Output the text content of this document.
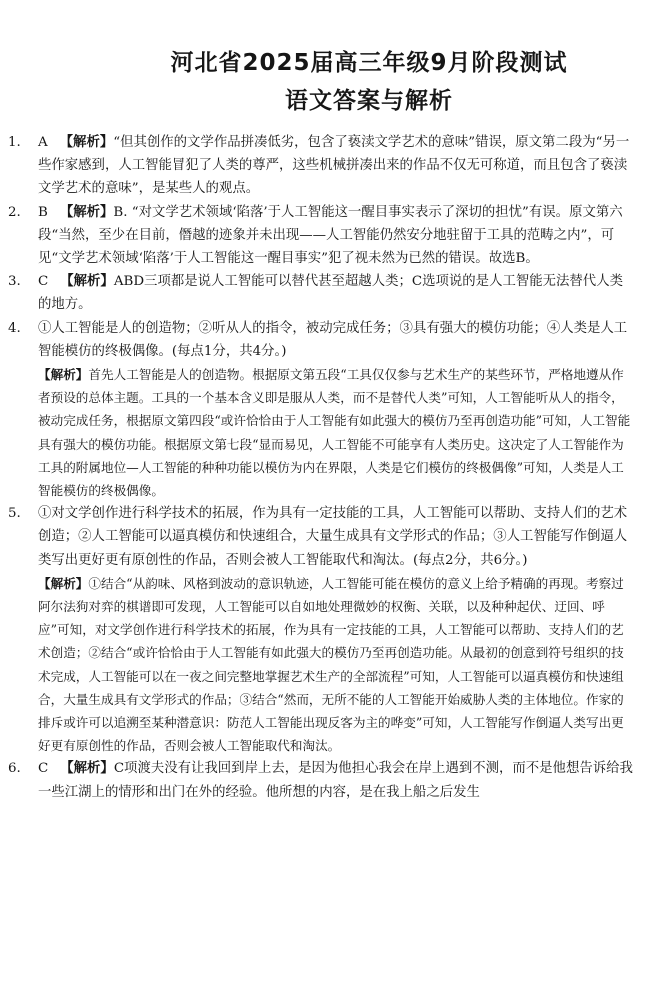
河北省2025届高三年级9月阶段测试
语文答案与解析
1. A 【解析】“但其创作的文学作品拼凑低劣，包含了亵渎文学艺术的意味”错误，原文第二段为“另一些作家感到，人工智能冒犯了人类的尊严，这些机械拼凑出来的作品不仅无可称道，而且包含了亵渎文学艺术的意味”，是某些人的观点。
2. B 【解析】B. “对文学艺术领域‘陷落’于人工智能这一醒目事实表示了深切的担忧”有误。原文第六段“当然，至少在目前，僭越的迹象并未出现——人工智能仍然安分地驻留于工具的范畴之内”，可见“文学艺术领域‘陷落’于人工智能这一醒目事实”犯了视未然为已然的错误。故选B。
3. C 【解析】ABD三项都是说人工智能可以替代甚至超越人类；C选项说的是人工智能无法替代人类的地方。
4. ①人工智能是人的创造物；②听从人的指令，被动完成任务；③具有强大的模仿功能；④人类是人工智能模仿的终极偶像。(每点1分，共4分。)
【解析】首先人工智能是人的创造物。根据原文第五段“工具仅仅参与艺术生产的某些环节，严格地遵从作者预设的总体主题。工具的一个基本含义即是服从人类，而不是替代人类”可知，人工智能听从人的指令，被动完成任务，根据原文第四段“或许恰恰由于人工智能有如此强大的模仿乃至再创造功能”可知，人工智能具有强大的模仿功能。根据原文第七段“显而易见，人工智能不可能享有人类历史。这决定了人工智能作为工具的附属地位—人工智能的种种功能以模仿为内在界限，人类是它们模仿的终极偶像”可知，人类是人工智能模仿的终极偶像。
5. ①对文学创作进行科学技术的拓展，作为具有一定技能的工具，人工智能可以帮助、支持人们的艺术创造；②人工智能可以逼真模仿和快速组合，大量生成具有文学形式的作品；③人工智能写作倒逼人类写出更好更有原创性的作品，否则会被人工智能取代和淘汰。(每点2分，共6分。)
【解析】①结合“从韵味、风格到波动的意识轨迹，人工智能可能在模仿的意义上给予精确的再现。考察过阿尔法狗对弈的棋谱即可发现，人工智能可以自如地处理微妙的权衡、关联，以及种种起伏、迂回、呼应”可知，对文学创作进行科学技术的拓展，作为具有一定技能的工具，人工智能可以帮助、支持人们的艺术创造；②结合“或许恰恰由于人工智能有如此强大的模仿乃至再创造功能。从最初的创意到符号组织的技术完成，人工智能可以在一夜之间完整地掌握艺术生产的全部流程”可知，人工智能可以逼真模仿和快速组合，大量生成具有文学形式的作品；③结合“然而，无所不能的人工智能开始威胁人类的主体地位。作家的排斥或许可以追溯至某种潜意识：防范人工智能出现反客为主的哗变”可知，人工智能写作倒逼人类写出更好更有原创性的作品，否则会被人工智能取代和淘汰。
6. C 【解析】C项渡夫没有让我回到岸上去，是因为他担心我会在岸上遇到不测，而不是他想告诉给我一些江湖上的情形和出门在外的经验。他所想的内容，是在我上船之后发生
